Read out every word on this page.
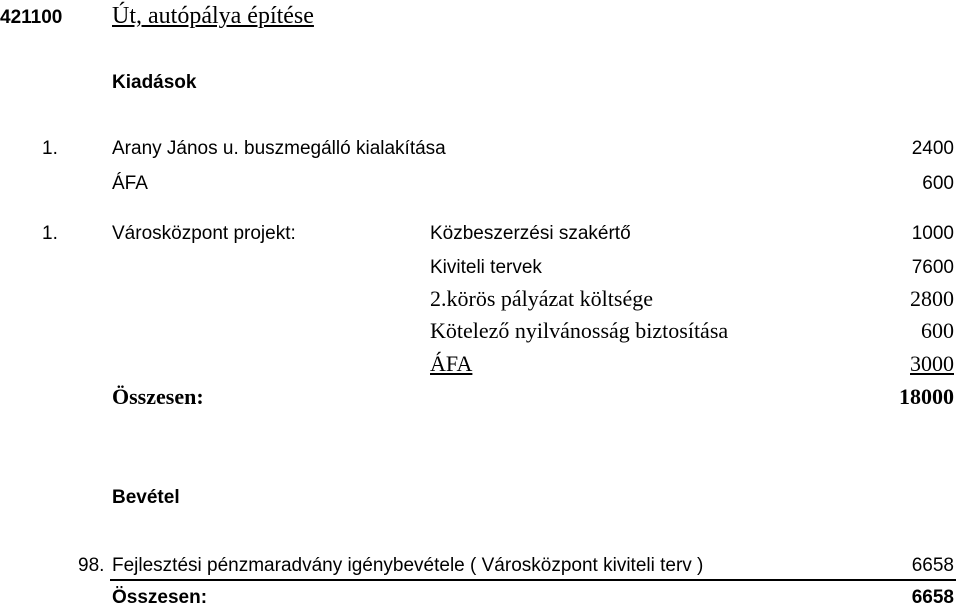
421100 Út, autópálya építése
Kiadások
1.	Arany János u. buszmegálló kialakítása	2400
ÁFA	600
1.	Városközpont projekt:	Közbeszerzési szakértő	1000
Kiviteli tervek	7600
2.körös pályázat költsége	2800
Kötelező nyilvánosság biztosítása	600
ÁFA	3000
Összesen:	18000
Bevétel
98. Fejlesztési pénzmaradvány igénybevétele ( Városközpont kiviteli terv )	6658
Összesen:	6658
